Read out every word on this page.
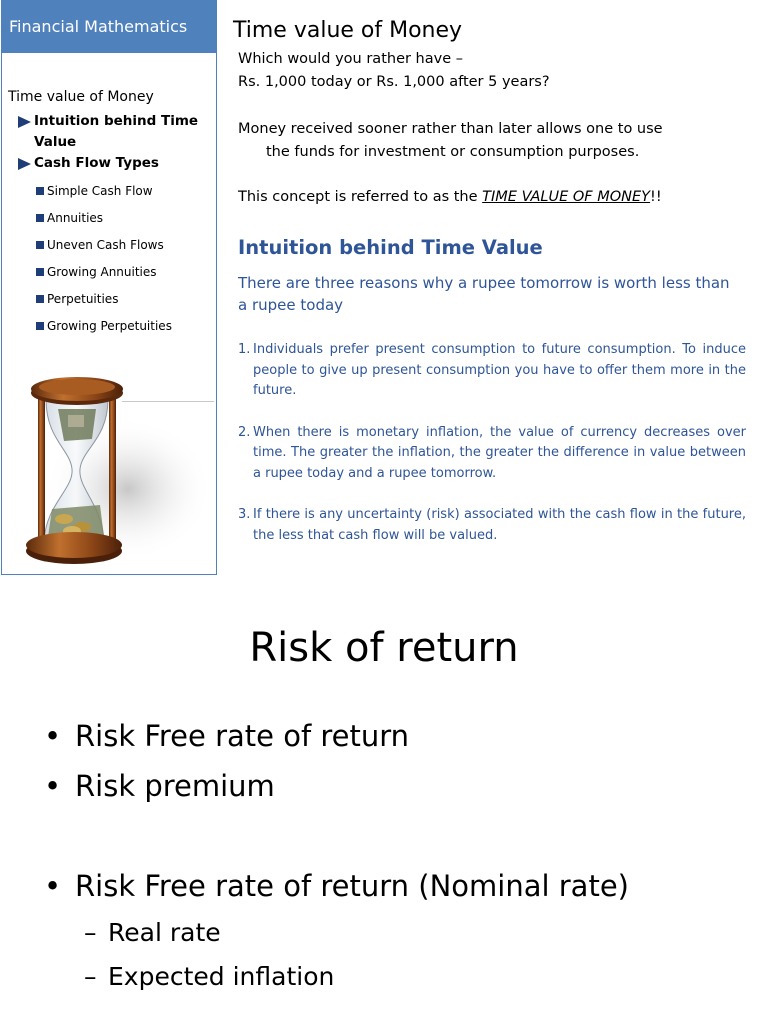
Financial Mathematics
Time value of Money
Intuition behind Time Value
Cash Flow Types
Simple Cash Flow
Annuities
Uneven Cash Flows
Growing Annuities
Perpetuities
Growing Perpetuities
Time value of Money

Which would you rather have –

Rs. 1,000 today or Rs. 1,000 after 5 years?

Money received sooner rather than later allows one to use
the funds for investment or consumption purposes.
This concept is referred to as the TIME VALUE OF MONEY!!
Intuition behind Time Value
There are three reasons why a rupee tomorrow is worth less than a rupee today
1. Individuals prefer present consumption to future consumption. To induce people to give up present consumption you have to offer them more in the future.
2. When there is monetary inflation, the value of currency decreases over time. The greater the inflation, the greater the difference in value between a rupee today and a rupee tomorrow.
3. If there is any uncertainty (risk) associated with the cash flow in the future, the less that cash flow will be valued.
Risk of return
• Risk Free rate of return
• Risk premium
• Risk Free rate of return (Nominal rate)
– Real rate
– Expected inflation
